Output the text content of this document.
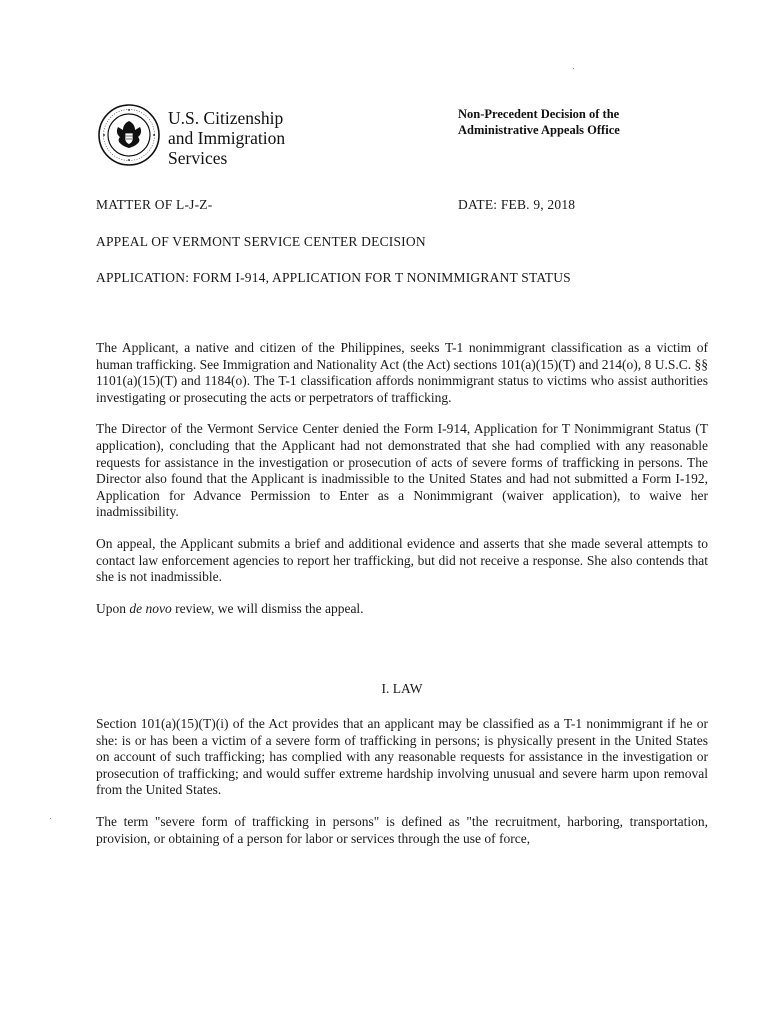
U.S. Citizenship
and Immigration
Services
Non-Precedent Decision of the
Administrative Appeals Office
MATTER OF L-J-Z-	DATE: FEB. 9, 2018
APPEAL OF VERMONT SERVICE CENTER DECISION
APPLICATION: FORM I-914, APPLICATION FOR T NONIMMIGRANT STATUS

The Applicant, a native and citizen of the Philippines, seeks T-1 nonimmigrant classification as a victim of human trafficking. See Immigration and Nationality Act (the Act) sections 101(a)(15)(T) and 214(o), 8 U.S.C. §§ 1101(a)(15)(T) and 1184(o). The T-1 classification affords nonimmigrant status to victims who assist authorities investigating or prosecuting the acts or perpetrators of trafficking.

The Director of the Vermont Service Center denied the Form I-914, Application for T Nonimmigrant Status (T application), concluding that the Applicant had not demonstrated that she had complied with any reasonable requests for assistance in the investigation or prosecution of acts of severe forms of trafficking in persons. The Director also found that the Applicant is inadmissible to the United States and had not submitted a Form I-192, Application for Advance Permission to Enter as a Nonimmigrant (waiver application), to waive her inadmissibility.

On appeal, the Applicant submits a brief and additional evidence and asserts that she made several attempts to contact law enforcement agencies to report her trafficking, but did not receive a response. She also contends that she is not inadmissible.

Upon de novo review, we will dismiss the appeal.

I. LAW

Section 101(a)(15)(T)(i) of the Act provides that an applicant may be classified as a T-1 nonimmigrant if he or she: is or has been a victim of a severe form of trafficking in persons; is physically present in the United States on account of such trafficking; has complied with any reasonable requests for assistance in the investigation or prosecution of trafficking; and would suffer extreme hardship involving unusual and severe harm upon removal from the United States.

The term "severe form of trafficking in persons" is defined as "the recruitment, harboring, transportation, provision, or obtaining of a person for labor or services through the use of force,
